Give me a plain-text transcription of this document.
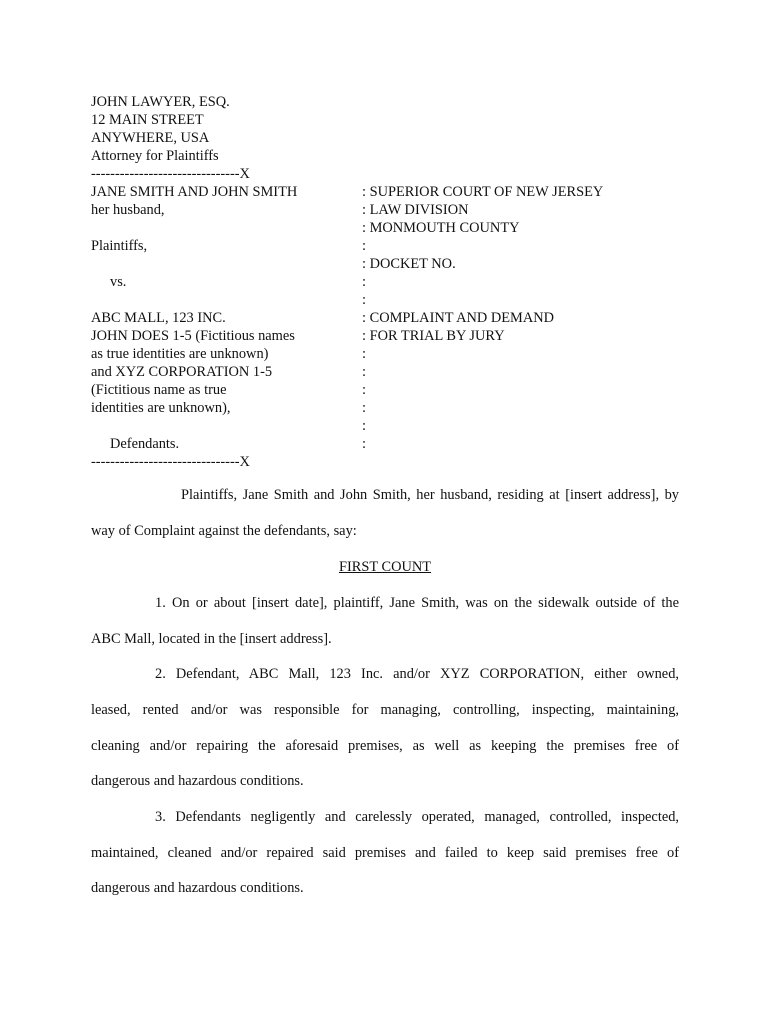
JOHN LAWYER, ESQ.
12 MAIN STREET
ANYWHERE, USA
Attorney for Plaintiffs
-------------------------------X
JANE SMITH AND JOHN SMITH
her husband,
Plaintiffs,
vs.
ABC MALL, 123 INC.
JOHN DOES 1-5 (Fictitious names
as true identities are unknown)
and XYZ CORPORATION 1-5
(Fictitious name as true
identities are unknown),
Defendants.
-------------------------------X
: SUPERIOR COURT OF NEW JERSEY
: LAW DIVISION
: MONMOUTH COUNTY
:
: DOCKET NO.
:
:
: COMPLAINT AND DEMAND
: FOR TRIAL BY JURY
:
:
:
:
:
:
Plaintiffs, Jane Smith and John Smith, her husband, residing at [insert address], by
way of Complaint against the defendants, say:
FIRST COUNT
1. On or about [insert date], plaintiff, Jane Smith, was on the sidewalk outside of the
ABC Mall, located in the [insert address].
2. Defendant, ABC Mall, 123 Inc. and/or XYZ CORPORATION, either owned,
leased, rented and/or was responsible for managing, controlling, inspecting, maintaining,
cleaning and/or repairing the aforesaid premises, as well as keeping the premises free of
dangerous and hazardous conditions.
3. Defendants negligently and carelessly operated, managed, controlled, inspected,
maintained, cleaned and/or repaired said premises and failed to keep said premises free of
dangerous and hazardous conditions.
